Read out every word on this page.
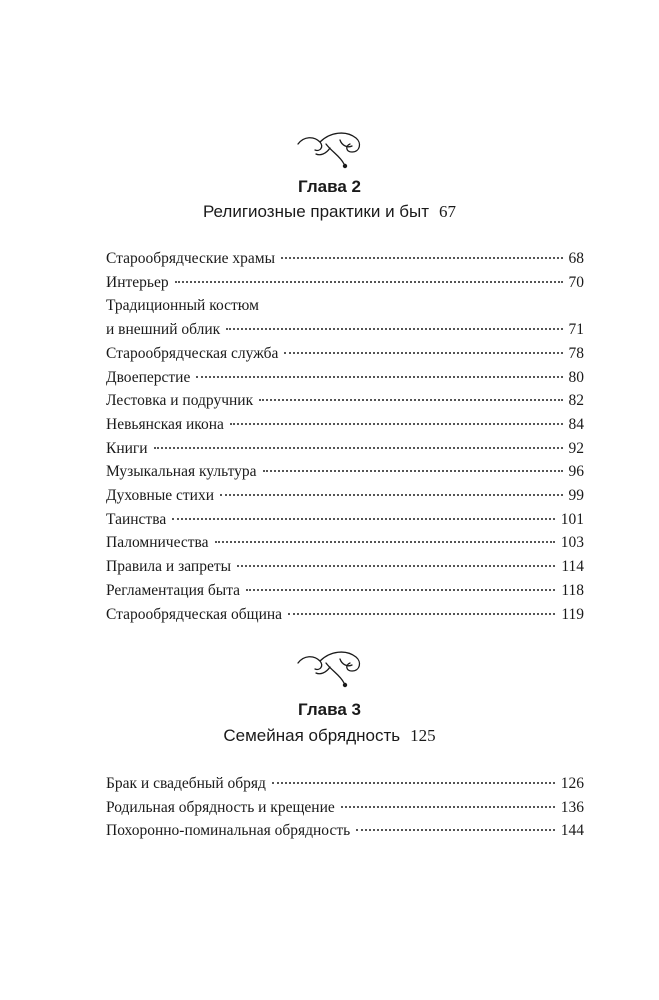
Глава 2
Религиозные практики и быт 67
Старообрядческие храмы	68
Интерьер	70
Традиционный костюм
и внешний облик	71
Старообрядческая служба	78
Двоеперстие	80
Лестовка и подручник	82
Невьянская икона	84
Книги	92
Музыкальная культура	96
Духовные стихи	99
Таинства	101
Паломничества	103
Правила и запреты	114
Регламентация быта	118
Старообрядческая община	119
Глава 3
Семейная обрядность 125
Брак и свадебный обряд	126
Родильная обрядность и крещение	136
Похоронно-поминальная обрядность	144
